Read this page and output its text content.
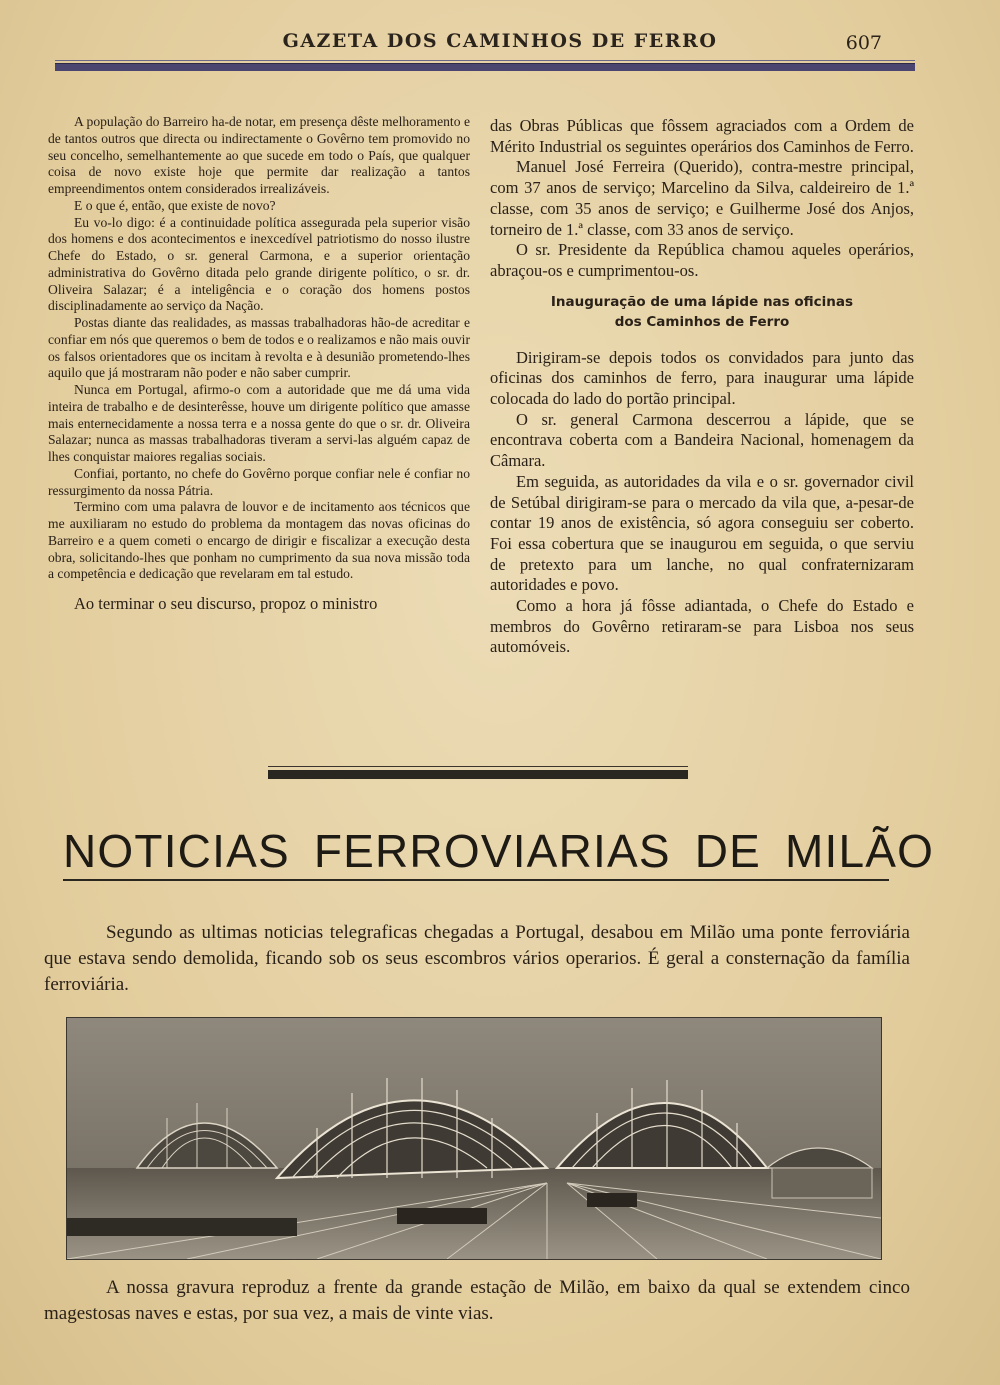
GAZETA DOS CAMINHOS DE FERRO	607

A população do Barreiro ha-de notar, em presença dêste melhoramento e de tantos outros que directa ou indirectamente o Govêrno tem promovido no seu concelho, semelhantemente ao que sucede em todo o País, que qualquer coisa de novo existe hoje que permite dar realização a tantos empreendimentos ontem considerados irrealizáveis.

E o que é, então, que existe de novo?

Eu vo-lo digo: é a continuidade política assegurada pela superior visão dos homens e dos acontecimentos e inexcedível patriotismo do nosso ilustre Chefe do Estado, o sr. general Carmona, e a superior orientação administrativa do Govêrno ditada pelo grande dirigente político, o sr. dr. Oliveira Salazar; é a inteligência e o coração dos homens postos disciplinadamente ao serviço da Nação.

Postas diante das realidades, as massas trabalhadoras hão-de acreditar e confiar em nós que queremos o bem de todos e o realizamos e não mais ouvir os falsos orientadores que os incitam à revolta e à desunião prometendo-lhes aquilo que já mostraram não poder e não saber cumprir.

Nunca em Portugal, afirmo-o com a autoridade que me dá uma vida inteira de trabalho e de desinterêsse, houve um dirigente político que amasse mais enternecidamente a nossa terra e a nossa gente do que o sr. dr. Oliveira Salazar; nunca as massas trabalhadoras tiveram a servi-las alguém capaz de lhes conquistar maiores regalias sociais.

Confiai, portanto, no chefe do Govêrno porque confiar nele é confiar no ressurgimento da nossa Pátria.

Termino com uma palavra de louvor e de incitamento aos técnicos que me auxiliaram no estudo do problema da montagem das novas oficinas do Barreiro e a quem cometi o encargo de dirigir e fiscalizar a execução desta obra, solicitando-lhes que ponham no cumprimento da sua nova missão toda a competência e dedicação que revelaram em tal estudo.

Ao terminar o seu discurso, propoz o ministro

das Obras Públicas que fôssem agraciados com a Ordem de Mérito Industrial os seguintes operários dos Caminhos de Ferro.

Manuel José Ferreira (Querido), contra-mestre principal, com 37 anos de serviço; Marcelino da Silva, caldeireiro de 1.ª classe, com 35 anos de serviço; e Guilherme José dos Anjos, torneiro de 1.ª classe, com 33 anos de serviço.

O sr. Presidente da República chamou aqueles operários, abraçou-os e cumprimentou-os.

Inauguração de uma lápide nas oficinas
dos Caminhos de Ferro

Dirigiram-se depois todos os convidados para junto das oficinas dos caminhos de ferro, para inaugurar uma lápide colocada do lado do portão principal.

O sr. general Carmona descerrou a lápide, que se encontrava coberta com a Bandeira Nacional, homenagem da Câmara.

Em seguida, as autoridades da vila e o sr. governador civil de Setúbal dirigiram-se para o mercado da vila que, a-pesar-de contar 19 anos de existência, só agora conseguiu ser coberto. Foi essa cobertura que se inaugurou em seguida, o que serviu de pretexto para um lanche, no qual confraternizaram autoridades e povo.

Como a hora já fôsse adiantada, o Chefe do Estado e membros do Govêrno retiraram-se para Lisboa nos seus automóveis.

NOTICIAS FERROVIARIAS DE MILÃO

Segundo as ultimas noticias telegraficas chegadas a Portugal, desabou em Milão uma ponte ferroviária que estava sendo demolida, ficando sob os seus escombros vários operarios. É geral a consternação da família ferroviária.

A nossa gravura reproduz a frente da grande estação de Milão, em baixo da qual se extendem cinco magestosas naves e estas, por sua vez, a mais de vinte vias.
